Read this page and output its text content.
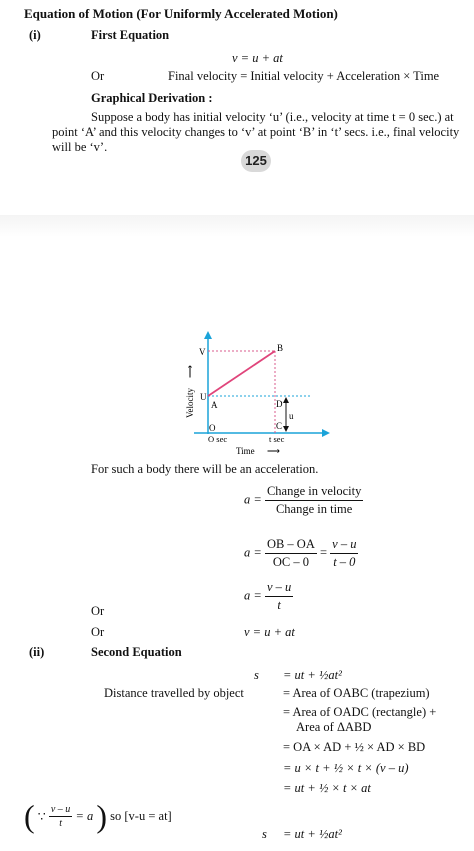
Equation of Motion (For Uniformly Accelerated Motion)
(i)	First Equation
v = u + at
Or	Final velocity = Initial velocity + Acceleration × Time
Graphical Derivation :
Suppose a body has initial velocity ‘u’ (i.e., velocity at time t = 0 sec.) at point ‘A’ and this velocity changes to ‘v’ at point ‘B’ in ‘t’ secs. i.e., final velocity will be ‘v’.
125
V	B
U
A	D
u
C
O
O sec	t sec
Time ⟶
Velocity
⟶
For such a body there will be an acceleration.
$a = \frac{\text{Change in velocity}}{\text{Change in time}}$
$a = \frac{OB - OA}{OC - 0} = \frac{v - u}{t - 0}$
$a = \frac{v - u}{t}$
Or
Or	v = u + at
(ii)	Second Equation
s = ut + ½at²
Distance travelled by object	= Area of OABC (trapezium)
= Area of OADC (rectangle) +
Area of ΔABD
= OA × AD + ½ × AD × BD
= u × t + ½ × t × (v – u)
= ut + ½ × t × at
( ∵ $\frac{v - u}{t} = a$ ) so [v-u = at]
s = ut + ½at²
